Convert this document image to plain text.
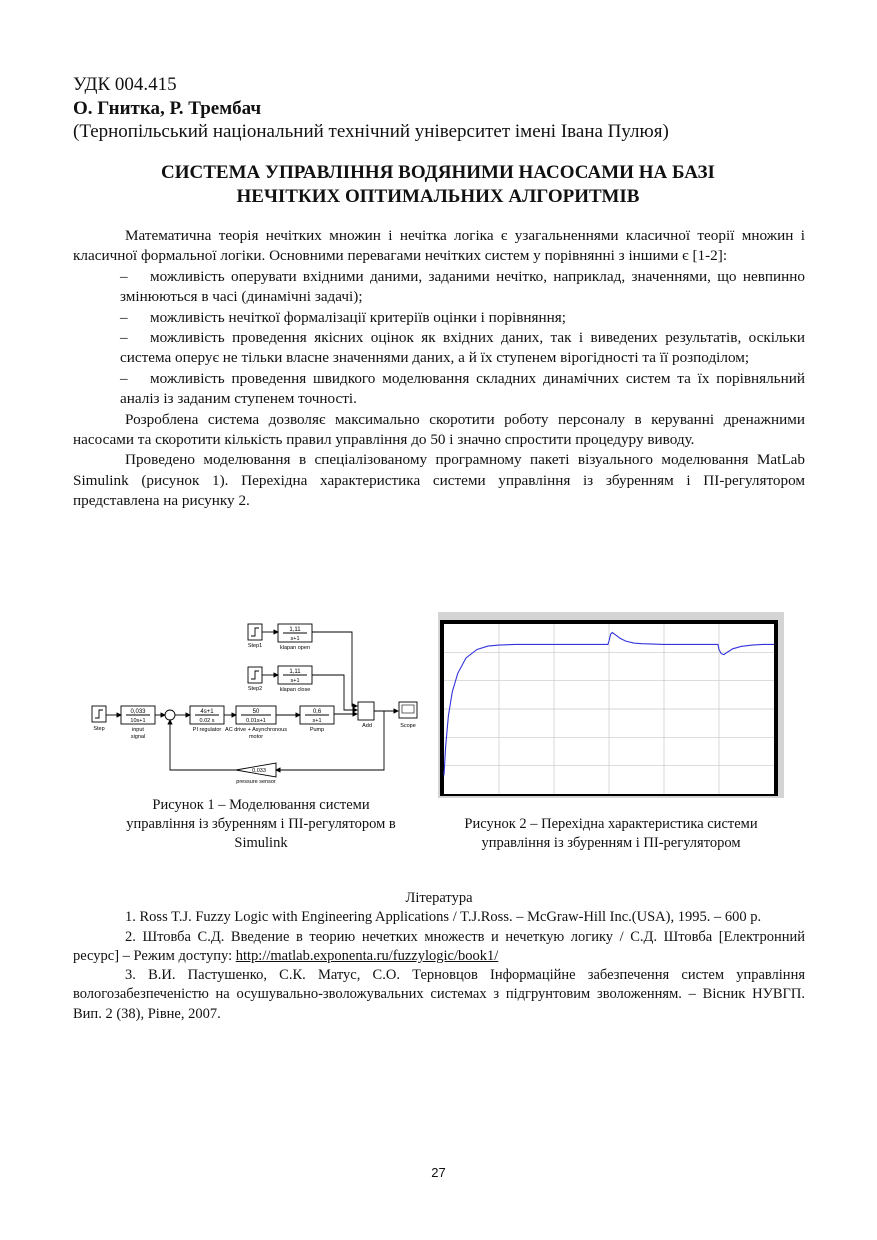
УДК 004.415
О. Гнитка, Р. Трембач
(Тернопільський національний технічний університет імені Івана Пулюя)
СИСТЕМА УПРАВЛІННЯ ВОДЯНИМИ НАСОСАМИ НА БАЗІ
НЕЧІТКИХ ОПТИМАЛЬНИХ АЛГОРИТМІВ

Математична теорія нечітких множин і нечітка логіка є узагальненнями класичної теорії множин і класичної формальної логіки. Основними перевагами нечітких систем у порівнянні з іншими є [1-2]:

– можливість оперувати вхідними даними, заданими нечітко, наприклад, значеннями, що невпинно змінюються в часі (динамічні задачі);

– можливість нечіткої формалізації критеріїв оцінки і порівняння;

– можливість проведення якісних оцінок як вхідних даних, так і виведених результатів, оскільки система оперує не тільки власне значеннями даних, а й їх ступенем вірогідності та її розподілом;

– можливість проведення швидкого моделювання складних динамічних систем та їх порівняльний аналіз із заданим ступенем точності.

Розроблена система дозволяє максимально скоротити роботу персоналу в керуванні дренажними насосами та скоротити кількість правил управління до 50 і значно спростити процедуру виводу.

Проведено моделювання в спеціалізованому програмному пакеті візуального моделювання MatLab Simulink (рисунок 1). Перехідна характеристика системи управління із збуренням і ПІ-регулятором представлена на рисунку 2.

1,11
s+1
Step1	klapan open
1,11
s+1
Step2	klapan close
0,033
10s+1
Step	input
signal
4s+1
0.02 s
PI regulator
50
0.01s+1
AC drive + Asynchronous
motor
0,6
s+1
Pump
Add	Scope
0,033
pressure sensor
Рисунок 1 – Моделювання системи
управління із збуренням і ПІ-регулятором в
Simulink
Рисунок 2 – Перехідна характеристика системи
управління із збуренням і ПІ-регулятором

Література

1. Ross T.J. Fuzzy Logic with Engineering Applications / T.J.Ross. – McGraw-Hill Inc.(USA), 1995. – 600 p.

2. Штовба С.Д. Введение в теорию нечетких множеств и нечеткую логику / С.Д. Штовба [Електронний ресурс] – Режим доступу: http://matlab.exponenta.ru/fuzzylogic/book1/

3. В.И. Пастушенко, С.К. Матус, С.О. Терновцов Інформаційне забезпечення систем управління вологозабезпеченістю на осушувально-зволожувальних системах з підгрунтовим зволоженням. – Вісник НУВГП. Вип. 2 (38), Рівне, 2007.

27
